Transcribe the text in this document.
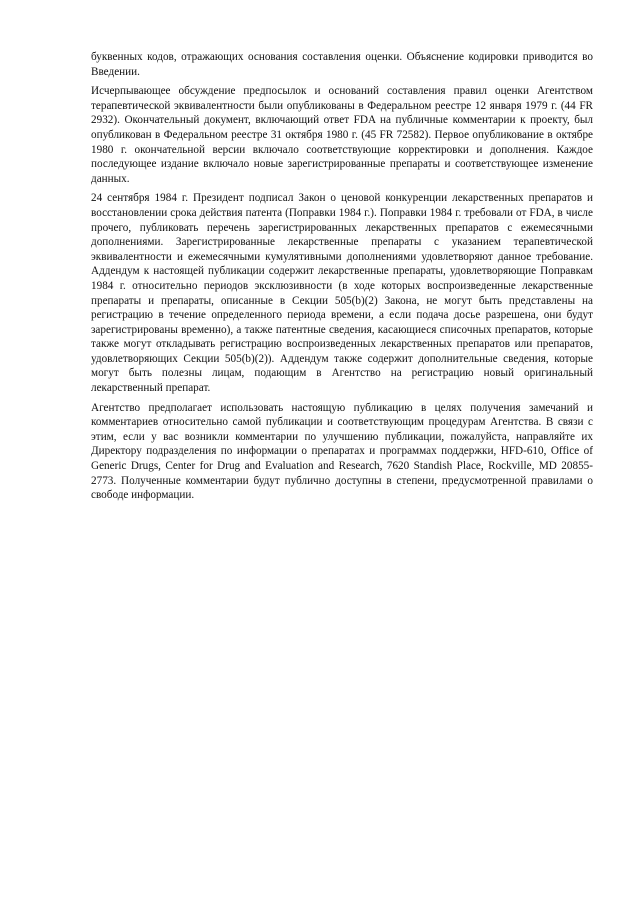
буквенных кодов, отражающих основания составления оценки. Объяснение кодировки приводится во Введении.

Исчерпывающее обсуждение предпосылок и оснований составления правил оценки Агентством терапевтической эквивалентности были опубликованы в Федеральном реестре 12 января 1979 г. (44 FR 2932). Окончательный документ, включающий ответ FDA на публичные комментарии к проекту, был опубликован в Федеральном реестре 31 октября 1980 г. (45 FR 72582). Первое опубликование в октябре 1980 г. окончательной версии включало соответствующие корректировки и дополнения. Каждое последующее издание включало новые зарегистрированные препараты и соответствующее изменение данных.

24 сентября 1984 г. Президент подписал Закон о ценовой конкуренции лекарственных препаратов и восстановлении срока действия патента (Поправки 1984 г.). Поправки 1984 г. требовали от FDA, в числе прочего, публиковать перечень зарегистрированных лекарственных препаратов с ежемесячными дополнениями. Зарегистрированные лекарственные препараты с указанием терапевтической эквивалентности и ежемесячными кумулятивными дополнениями удовлетворяют данное требование. Аддендум к настоящей публикации содержит лекарственные препараты, удовлетворяющие Поправкам 1984 г. относительно периодов эксклюзивности (в ходе которых воспроизведенные лекарственные препараты и препараты, описанные в Секции 505(b)(2) Закона, не могут быть представлены на регистрацию в течение определенного периода времени, а если подача досье разрешена, они будут зарегистрированы временно), а также патентные сведения, касающиеся списочных препаратов, которые также могут откладывать регистрацию воспроизведенных лекарственных препаратов или препаратов, удовлетворяющих Секции 505(b)(2)). Аддендум также содержит дополнительные сведения, которые могут быть полезны лицам, подающим в Агентство на регистрацию новый оригинальный лекарственный препарат.

Агентство предполагает использовать настоящую публикацию в целях получения замечаний и комментариев относительно самой публикации и соответствующим процедурам Агентства. В связи с этим, если у вас возникли комментарии по улучшению публикации, пожалуйста, направляйте их Директору подразделения по информации о препаратах и программах поддержки, HFD-610, Office of Generic Drugs, Center for Drug and Evaluation and Research, 7620 Standish Place, Rockville, MD 20855-2773. Полученные комментарии будут публично доступны в степени, предусмотренной правилами о свободе информации.
